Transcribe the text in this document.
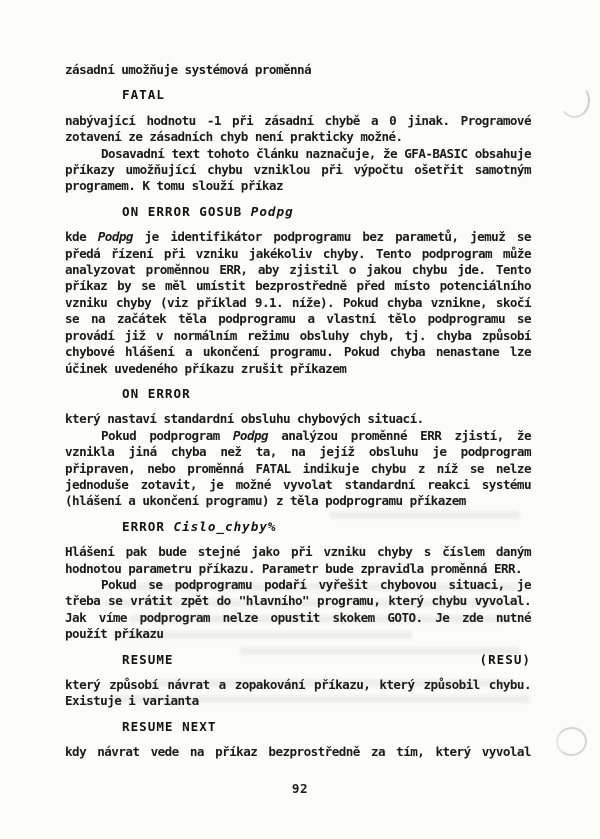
zásadní umožňuje systémová proměnná
FATAL
nabývající hodnotu -1 při zásadní chybě a 0 jinak. Programové
zotavení ze zásadních chyb není prakticky možné.
Dosavadní text tohoto článku naznačuje, že GFA-BASIC obsahuje
příkazy umožňující chybu vzniklou při výpočtu ošetřit samotným
programem. K tomu slouží příkaz
ON ERROR GOSUB Podpg
kde Podpg je identifikátor podprogramu bez parametů, jemuž se
předá řízení při vzniku jakékoliv chyby. Tento podprogram může
analyzovat proměnnou ERR, aby zjistil o jakou chybu jde. Tento
příkaz by se měl umístit bezprostředně před místo potenciálního
vzniku chyby (viz příklad 9.1. níže). Pokud chyba vznikne, skočí
se na začátek těla podprogramu a vlastní tělo podprogramu se
provádí již v normálním režimu obsluhy chyb, tj. chyba způsobí
chybové hlášení a ukončení programu. Pokud chyba nenastane lze
účinek uvedeného příkazu zrušit příkazem
ON ERROR
který nastaví standardní obsluhu chybových situací.
Pokud podprogram Podpg analýzou proměnné ERR zjistí, že
vznikla jiná chyba než ta, na jejíž obsluhu je podprogram
připraven, nebo proměnná FATAL indikuje chybu z níž se nelze
jednoduše zotavit, je možné vyvolat standardní reakci systému
(hlášení a ukončení programu) z těla podprogramu příkazem
ERROR Cislo_chyby%
Hlášení pak bude stejné jako při vzniku chyby s číslem daným
hodnotou parametru příkazu. Parametr bude zpravidla proměnná ERR.
Pokud se podprogramu podaří vyřešit chybovou situaci, je
třeba se vrátit zpět do "hlavního" programu, který chybu vyvolal.
Jak víme podprogram nelze opustit skokem GOTO. Je zde nutné
použít příkazu
RESUME	(RESU)
který způsobí návrat a zopakování příkazu, který způsobil chybu.
Existuje i varianta
RESUME NEXT
kdy návrat vede na příkaz bezprostředně za tím, který vyvolal
92
